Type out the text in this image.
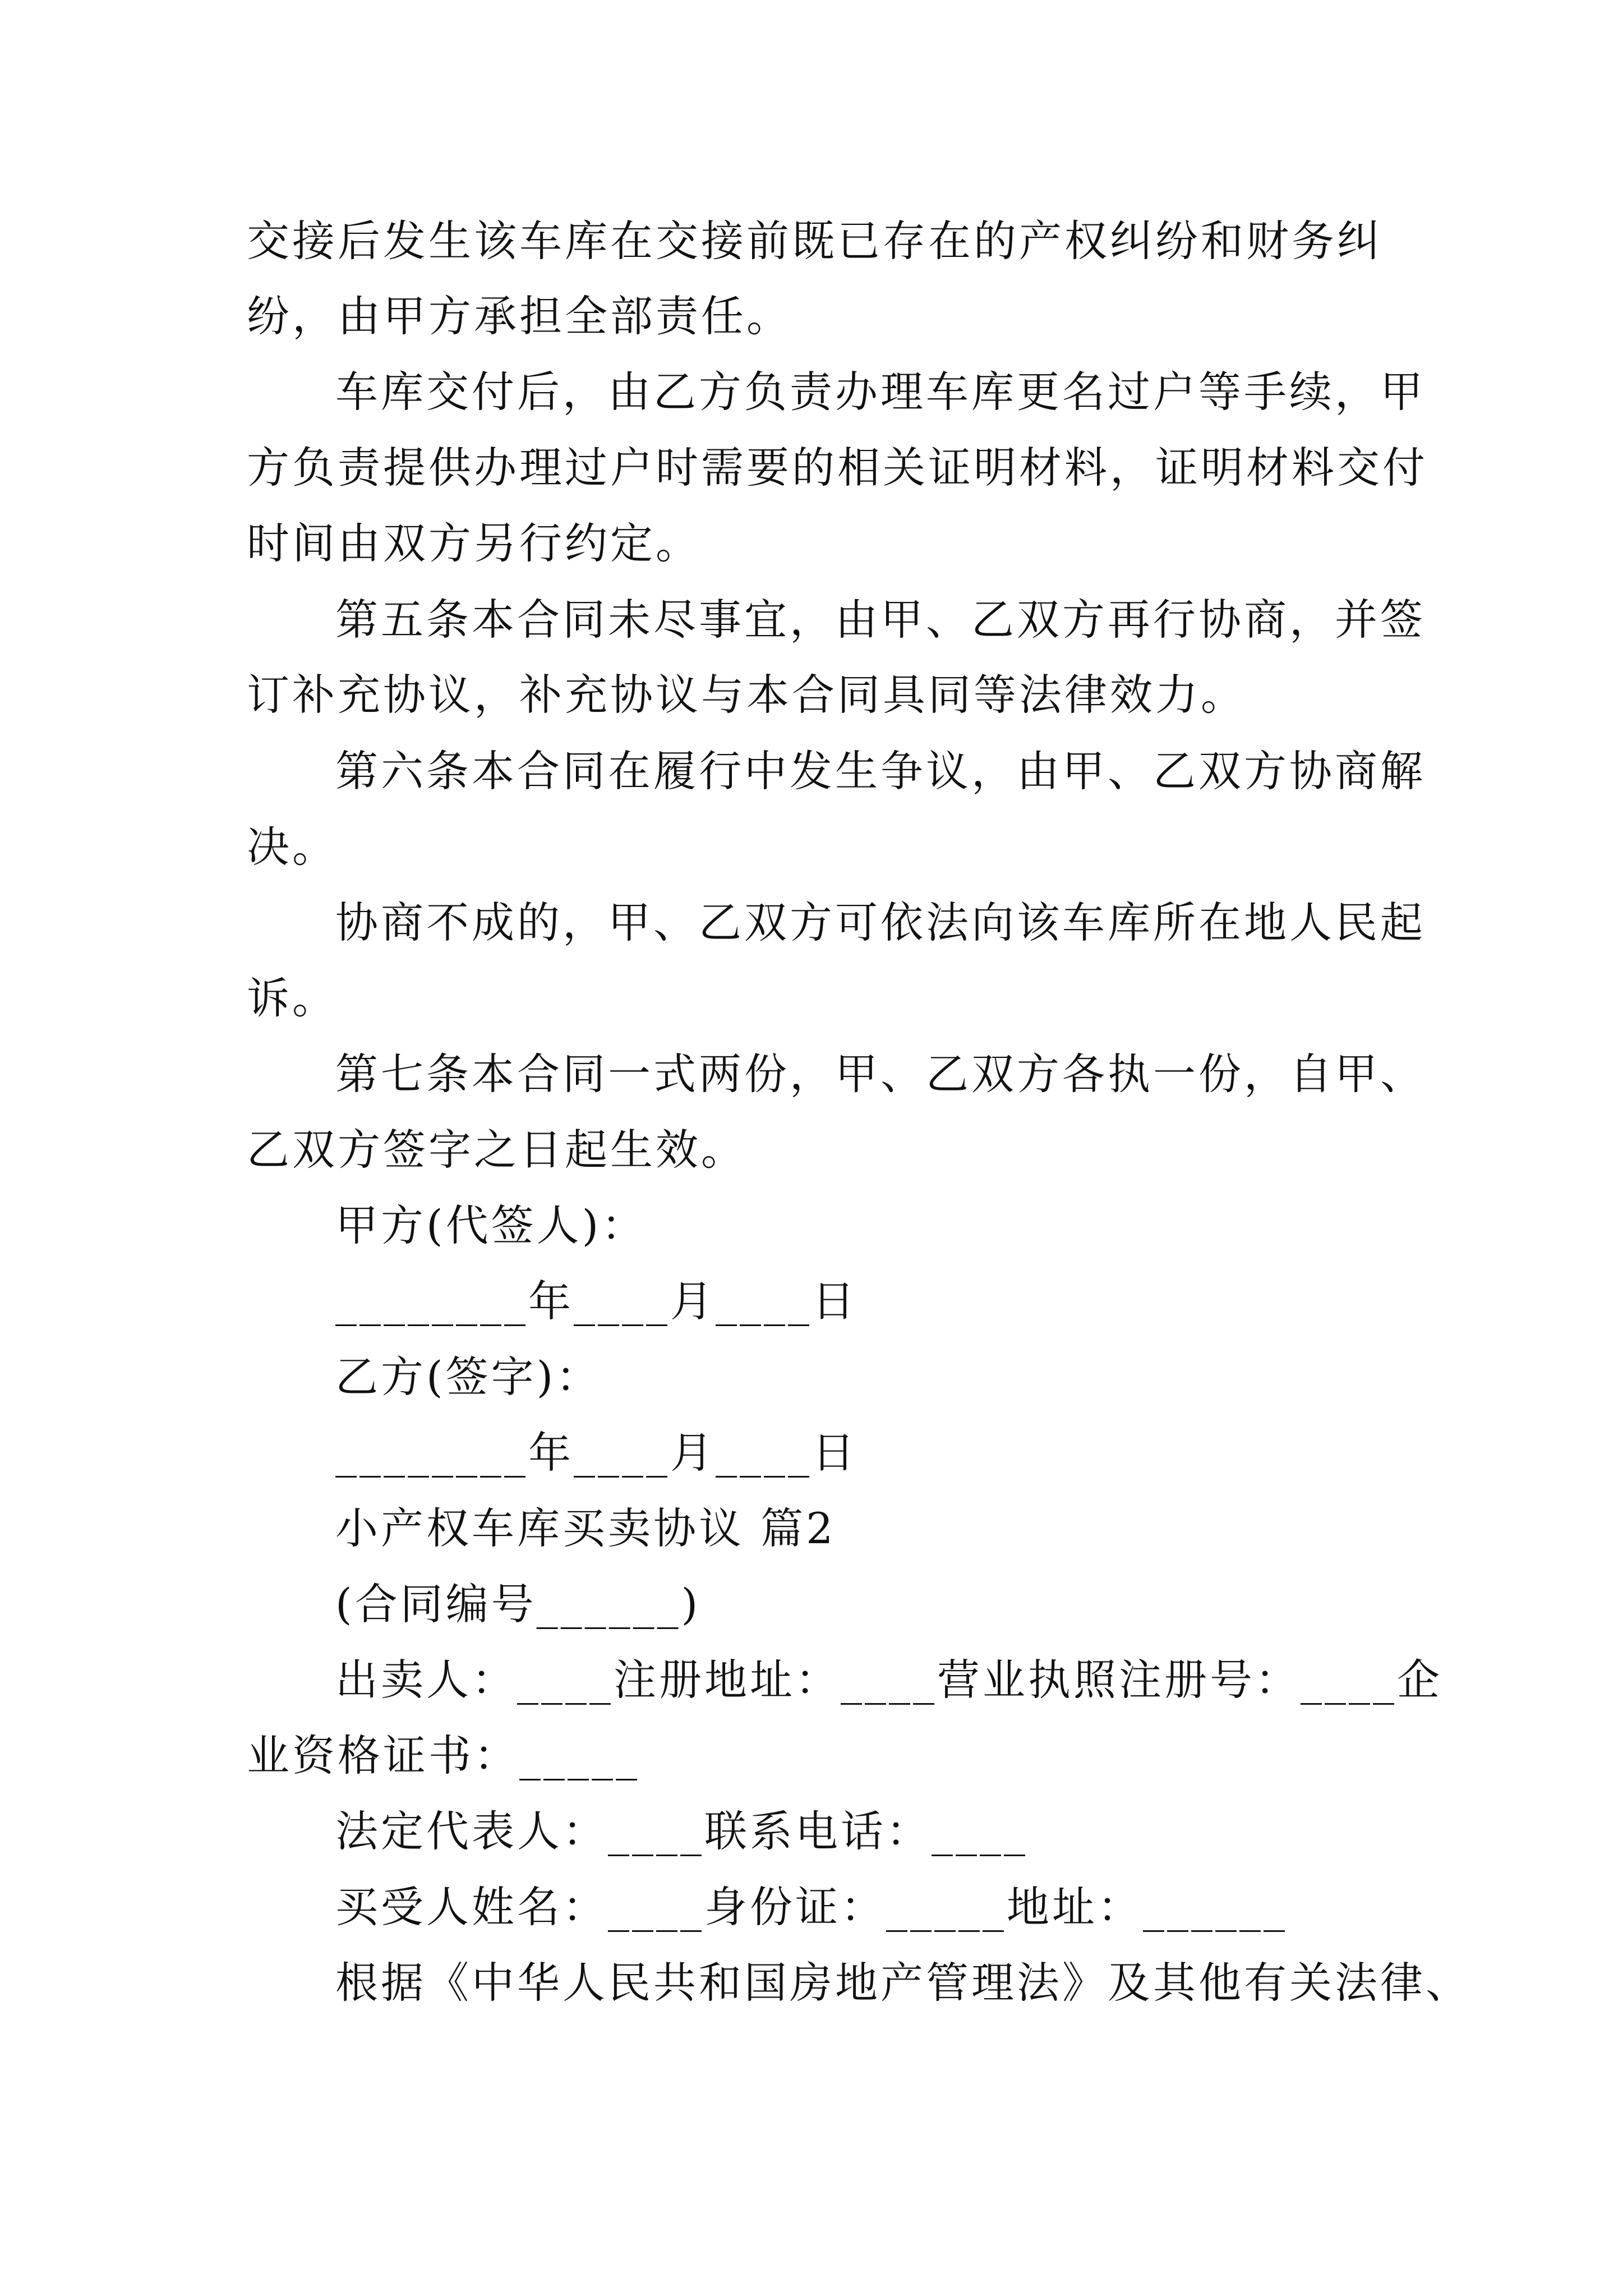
交接后发生该车库在交接前既已存在的产权纠纷和财务纠
纷，由甲方承担全部责任。
车库交付后，由乙方负责办理车库更名过户等手续，甲
方负责提供办理过户时需要的相关证明材料，证明材料交付
时间由双方另行约定。
第五条本合同未尽事宜，由甲、乙双方再行协商，并签
订补充协议，补充协议与本合同具同等法律效力。
第六条本合同在履行中发生争议，由甲、乙双方协商解
决。
协商不成的，甲、乙双方可依法向该车库所在地人民起
诉。
第七条本合同一式两份，甲、乙双方各执一份，自甲、
乙双方签字之日起生效。
甲方(代签人)：
________年____月____日
乙方(签字)：
________年____月____日
小产权车库买卖协议 篇2
(合同编号______)
出卖人：____注册地址：____营业执照注册号：____企
业资格证书：_____
法定代表人：____联系电话：____
买受人姓名：____身份证：_____地址：______
根据《中华人民共和国房地产管理法》及其他有关法律、
